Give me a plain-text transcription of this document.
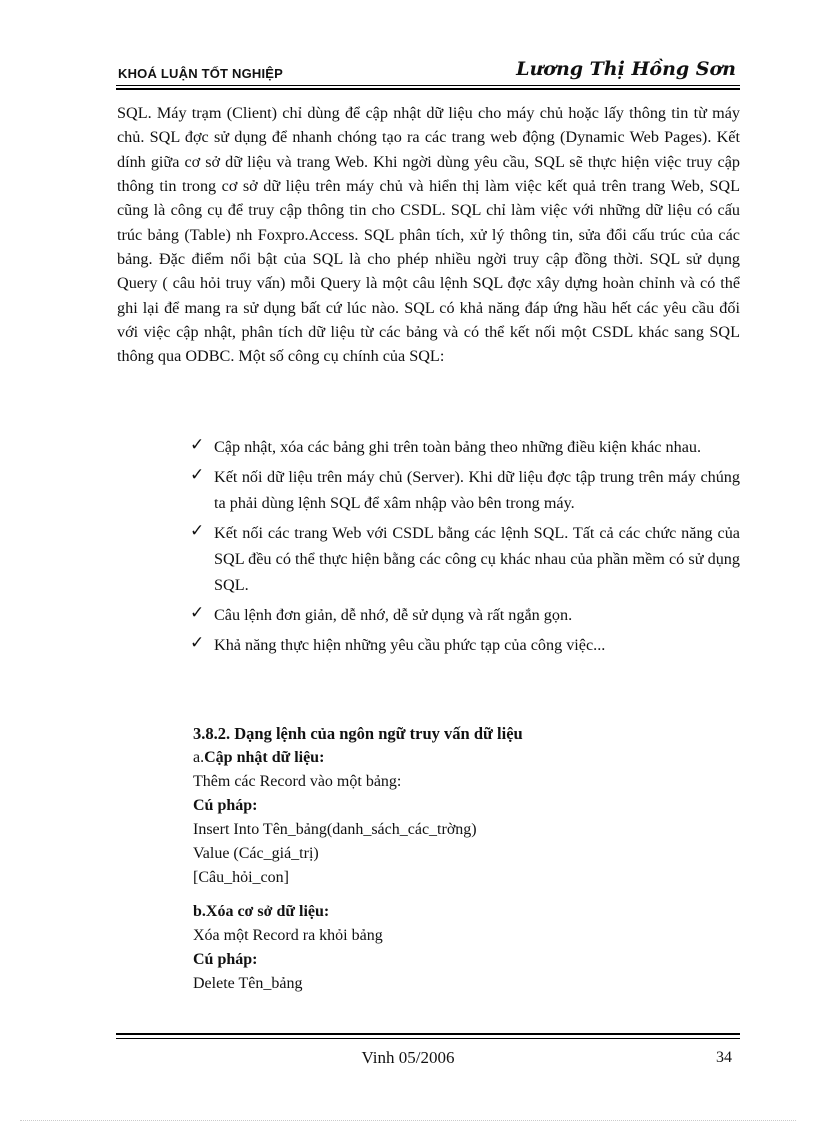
KHOÁ LUẬN TỐT NGHIỆP	Lương Thị Hồng Sơn

SQL. Máy trạm (Client) chỉ dùng để cập nhật dữ liệu cho máy chủ hoặc lấy thông tin từ máy chủ. SQL đợc sử dụng để nhanh chóng tạo ra các trang web động (Dynamic Web Pages). Kết dính giữa cơ sở dữ liệu và trang Web. Khi ngời dùng yêu cầu, SQL sẽ thực hiện việc truy cập thông tin trong cơ sở dữ liệu trên máy chủ và hiển thị làm việc kết quả trên trang Web, SQL cũng là công cụ để truy cập thông tin cho CSDL. SQL chỉ làm việc với những dữ liệu có cấu trúc bảng (Table) nh Foxpro.Access. SQL phân tích, xử lý thông tin, sửa đổi cấu trúc của các bảng. Đặc điểm nổi bật của SQL là cho phép nhiều ngời truy cập đồng thời. SQL sử dụng Query ( câu hỏi truy vấn) mỗi Query là một câu lệnh SQL đợc xây dựng hoàn chỉnh và có thể ghi lại để mang ra sử dụng bất cứ lúc nào. SQL có khả năng đáp ứng hầu hết các yêu cầu đối với việc cập nhật, phân tích dữ liệu từ các bảng và có thể kết nối một CSDL khác sang SQL thông qua ODBC. Một số công cụ chính của SQL:

✓ Cập nhật, xóa các bảng ghi trên toàn bảng theo những điều kiện khác nhau.
✓ Kết nối dữ liệu trên máy chủ (Server). Khi dữ liệu đợc tập trung trên máy chúng ta phải dùng lệnh SQL để xâm nhập vào bên trong máy.
✓ Kết nối các trang Web với CSDL bằng các lệnh SQL. Tất cả các chức năng của SQL đều có thể thực hiện bằng các công cụ khác nhau của phần mềm có sử dụng SQL.
✓ Câu lệnh đơn giản, dễ nhớ, dễ sử dụng và rất ngắn gọn.
✓ Khả năng thực hiện những yêu cầu phức tạp của công việc...
3.8.2. Dạng lệnh của ngôn ngữ truy vấn dữ liệu
a.Cập nhật dữ liệu:
Thêm các Record vào một bảng:
Cú pháp:
Insert Into Tên_bảng(danh_sách_các_trờng)
Value (Các_giá_trị)
[Câu_hỏi_con]
b.Xóa cơ sở dữ liệu:
Xóa một Record ra khỏi bảng
Cú pháp:
Delete Tên_bảng
Vinh 05/2006	34
